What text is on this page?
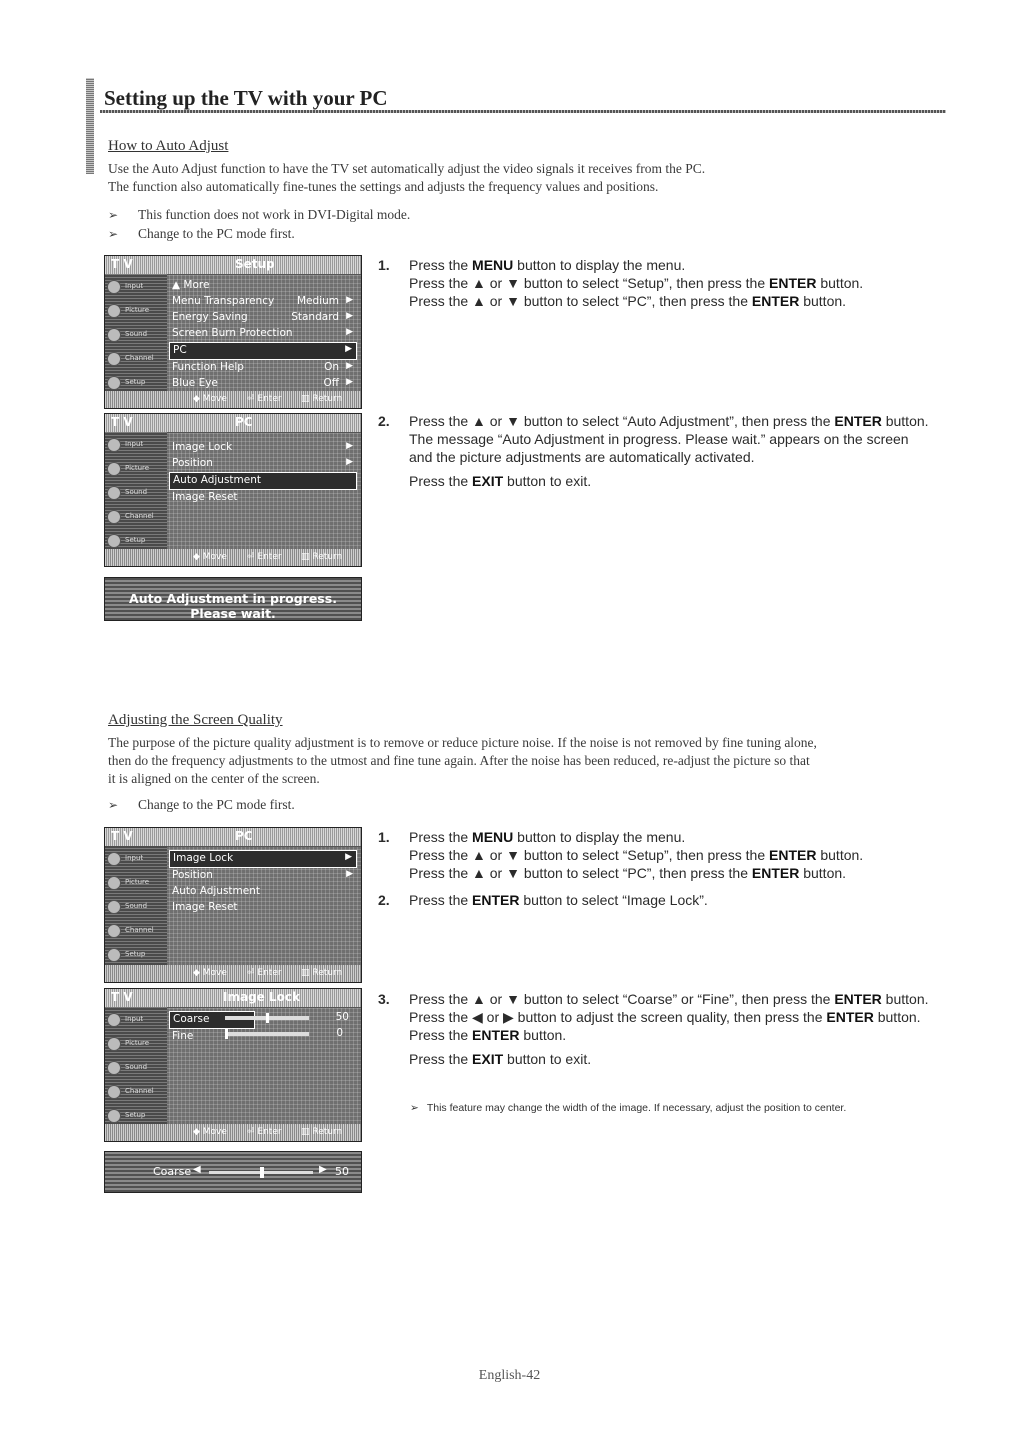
Setting up the TV with your PC
How to Auto Adjust
Use the Auto Adjust function to have the TV set automatically adjust the video signals it receives from the PC.
The function also automatically fine-tunes the settings and adjusts the frequency values and positions.
➢ This function does not work in DVI-Digital mode.
➢ Change to the PC mode first.
T V	Setup
Input
Picture
Sound
Channel
Setup
▲ More
Menu Transparency Medium ▶
Energy Saving	Standard ▶
Screen Burn Protection	▶
PC	▶
Function Help	On ▶
Blue Eye	Off ▶
◆ Move ⏎ Enter ▥ Return
1. Press the MENU button to display the menu.
Press the ▲ or ▼ button to select “Setup”, then press the ENTER button.
Press the ▲ or ▼ button to select “PC”, then press the ENTER button.
T V	PC
Input
Picture
Sound
Channel
Setup
Image Lock	▶
Position	▶
Auto Adjustment
Image Reset
◆ Move ⏎ Enter ▥ Return
2. Press the ▲ or ▼ button to select “Auto Adjustment”, then press the ENTER button.
The message “Auto Adjustment in progress. Please wait.” appears on the screen
and the picture adjustments are automatically activated.
Press the EXIT button to exit.
Auto Adjustment in progress. Please wait.
Adjusting the Screen Quality
The purpose of the picture quality adjustment is to remove or reduce picture noise. If the noise is not removed by fine tuning alone,
then do the frequency adjustments to the utmost and fine tune again. After the noise has been reduced, re-adjust the picture so that
it is aligned on the center of the screen.
➢ Change to the PC mode first.
T V	PC
Input
Picture
Sound
Channel
Setup
Image Lock	▶
Position	▶
Auto Adjustment
Image Reset
◆ Move ⏎ Enter ▥ Return
1. Press the MENU button to display the menu.
Press the ▲ or ▼ button to select “Setup”, then press the ENTER button.
Press the ▲ or ▼ button to select “PC”, then press the ENTER button.
2. Press the ENTER button to select “Image Lock”.
T V	Image Lock
Input
Picture
Sound
Channel
Setup
Coarse
Fine
50
0
◆ Move ⏎ Enter ▥ Return
3. Press the ▲ or ▼ button to select “Coarse” or “Fine”, then press the ENTER button.
Press the ◀ or ▶ button to adjust the screen quality, then press the ENTER button.
Press the ENTER button.
Press the EXIT button to exit.
➢ This feature may change the width of the image. If necessary, adjust the position to center.
Coarse ◀	▶ 50
English-42
